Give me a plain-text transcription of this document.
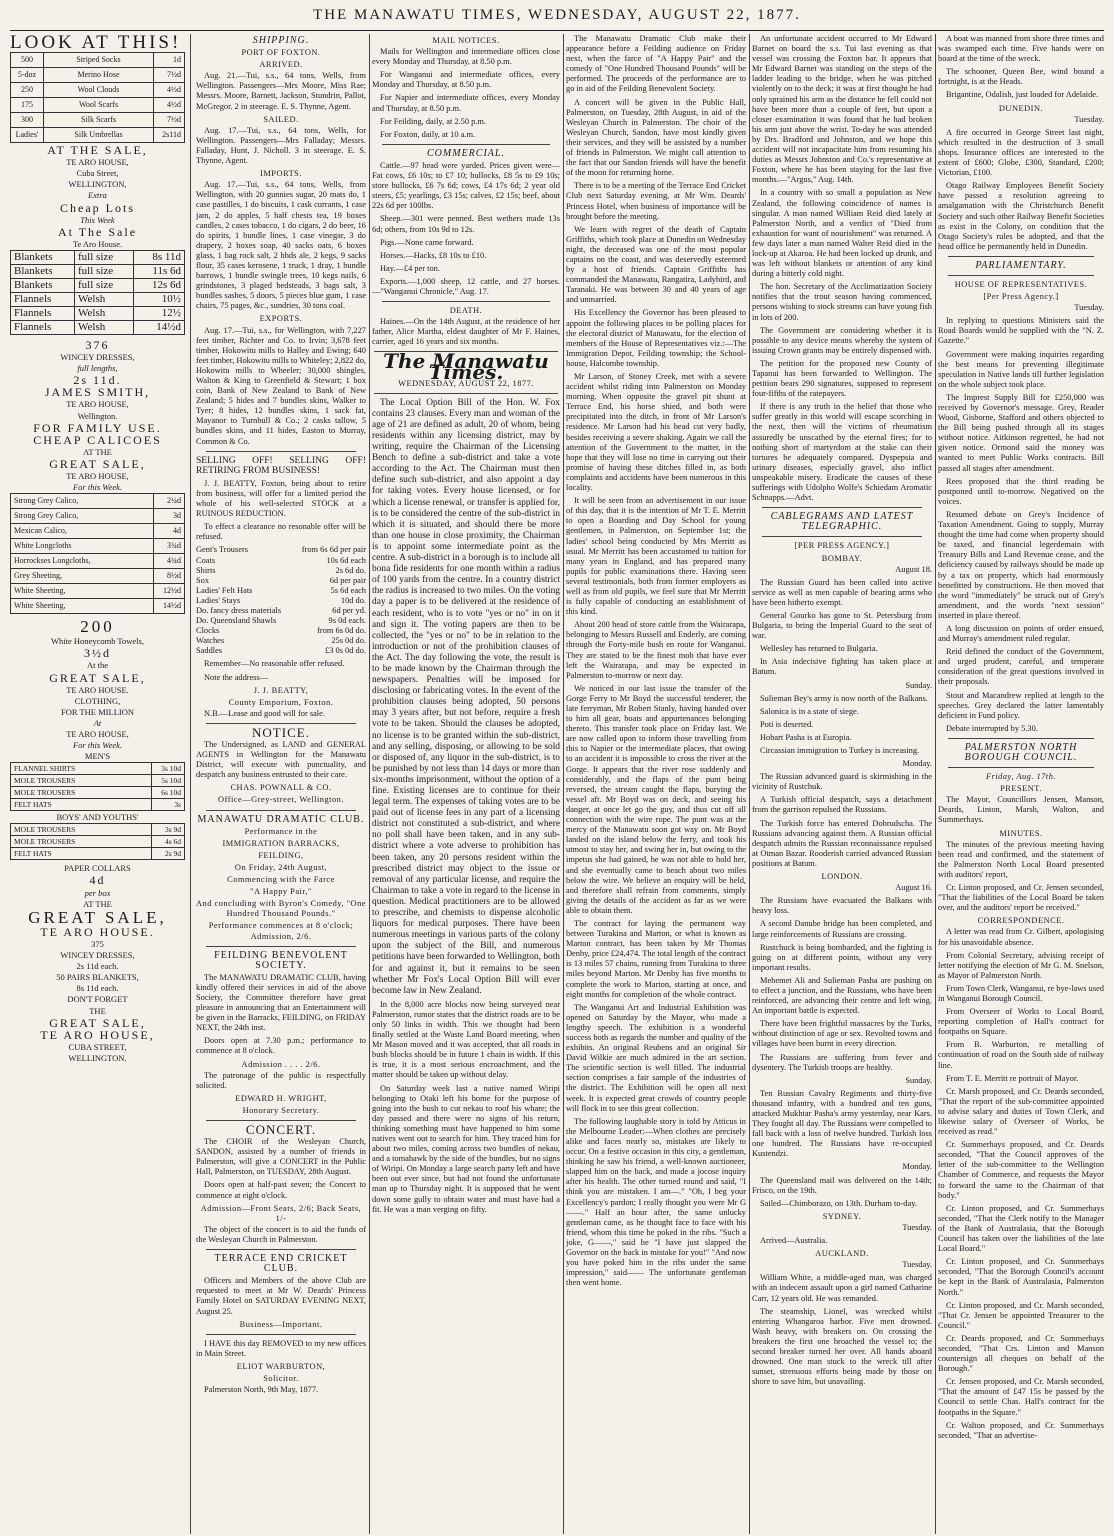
THE MANAWATU TIMES, WEDNESDAY, AUGUST 22, 1877.
LOOK AT THIS!
500	Striped Socks	1d
5-doz	Merino Hose	7½d
250	Wool Clouds	4½d
175	Wool Scarfs	4½d
300	Silk Scarfs	7½d
Ladies'	Silk Umbrellas	2s11d
AT THE SALE,
TE ARO HOUSE,
Cuba Street,
WELLINGTON,
Extra
Cheap Lots
This Week
At The Sale
Te Aro House.
Blankets	full size	8s 11d
Blankets	full size	11s 6d
Blankets	full size	12s 6d
Flannels	Welsh	10½
Flannels	Welsh	12½
Flannels	Welsh	14½d
376
WINCEY DRESSES,
full lengths,
2s 11d.
JAMES SMITH,
TE ARO HOUSE,
Wellington.
FOR FAMILY USE.
CHEAP CALICOES
AT THE
GREAT SALE,
TE ARO HOUSE,
For this Week.
Strong Grey Calico,	2¼d
Strong Grey Calico,	3d
Mexican Calico,	4d
White Longcloths	3¾d
Horrockses Longcloths,	4¾d
Grey Sheeting,	8½d
White Sheeting,	12½d
White Sheeting,	14½d
200
White Honeycomb Towels,
3½d
At the
GREAT SALE,
TE ARO HOUSE.
CLOTHING,
FOR THE MILLION
At
TE ARO HOUSE,
For this Week.
MEN'S
FLANNEL SHIRTS	3s 10d
MOLE TROUSERS	5s 10d
MOLE TROUSERS	6s 10d
FELT HATS	3s
BOYS' AND YOUTHS'
MOLE TROUSERS	3s 9d
MOLE TROUSERS	4s 6d
FELT HATS	2s 9d
PAPER COLLARS
4d
per box
AT THE
GREAT SALE,
TE ARO HOUSE.
375
WINCEY DRESSES,
2s 11d each.
50 PAIRS BLANKETS,
8s 11d each.
DON'T FORGET
THE
GREAT SALE,
TE ARO HOUSE,
CUBA STREET,
WELLINGTON.
SHIPPING.
PORT OF FOXTON.
ARRIVED.

Aug. 21.—Tui, s.s., 64 tons, Wells, from Wellington. Passengers—Mrs Moore, Miss Rae; Messrs. Moore, Barnett, Jackson, Stundrin, Pallot, McGregor. 2 in steerage. E. S. Thynne, Agent.

SAILED.

Aug. 17.—Tui, s.s., 64 tons, Wells, for Wellington. Passengers—Mrs Falladay; Messrs. Falladay, Hunt, J. Nicholl. 3 in steerage. E. S. Thynne, Agent.

IMPORTS.

Aug. 17.—Tui, s.s., 64 tons, Wells, from Wellington, with 20 gunnies sugar, 20 mats do, 1 case pastilles, 1 do biscuits, 1 cask currants, 1 case jam, 2 do apples, 5 half chests tea, 19 boxes candles, 2 cases tobacco, 1 do cigars, 2 do beer, 16 do spirits, 1 bundle lines, 1 case vinegar, 3 do drapery, 2 boxes soap, 40 sacks oats, 6 boxes glass, 1 bag rock salt, 2 hhds ale, 2 kegs, 9 sacks flour, 35 cases kerosene, 1 truck, 1 dray, 1 bundle barrows, 1 bundle swingle trees, 10 kegs nails, 6 grindstones, 3 plaged bedsteads, 3 bags salt, 3 bundles sashes, 5 doors, 5 pieces blue gum, 1 case chairs, 75 pages, &c., sundries, 30 tons coal.

EXPORTS.

Aug. 17.—Tui, s.s., for Wellington, with 7,227 feet timber, Richter and Co. to Irvin; 3,678 feet timber, Hokowitu mills to Halley and Ewing; 640 feet timber, Hokowitu mills to Whiteley; 2,822 do, Hokowitu mills to Wheeler; 30,000 shingles, Walton & King to Greenfield & Stewart; 1 box coin, Bank of New Zealand to Bank of New Zealand; 5 hides and 7 bundles skins, Walker to Tyer; 8 hides, 12 bundles skins, 1 sack fat, Mayanor to Turnbull & Co.; 2 casks tallow, 5 bundles skins, and 11 hides, Easton to Murray, Common & Co.

SELLING OFF! SELLING OFF! RETIRING FROM BUSINESS!

J. J. BEATTY, Foxton, being about to retire from business, will offer for a limited period the whole of his well-selected STOCK at a RUINOUS REDUCTION.

To effect a clearance no resonable offer will be refused.

Gent's Trousers	from 6s 6d per pair
Coats	10s 6d each
Shirts	2s 6d do.
Sox	6d per pair
Ladies' Felt Hats	5s 6d each
Ladies' Stays	10d do.
Do. fancy dress materials	6d per yd.
Do. Queensland Shawls	9s 0d each.
Clocks	from 6s 0d do.
Watches	25s 0d do.
Saddles	£3 0s 0d do.

Remember—No reasonable offer refused.

Note the address—

J. J. BEATTY,
County Emporium, Foxton.

N.B.—Lease and good will for sale.

NOTICE.

The Undersigned, as LAND and GENERAL AGENTS in Wellington for the Manawatu District, will execute with punctuality, and despatch any business entrusted to their care.

CHAS. POWNALL & CO.
Office—Grey-street, Wellington.
MANAWATU DRAMATIC CLUB.
Performance in the
IMMIGRATION BARRACKS,
FEILDING,
On Friday, 24th August,
Commencing with the Farce
"A Happy Pair,"
And concluding with Byron's Comedy, "One Hundred Thousand Pounds."
Performance commences at 8 o'clock; Admission, 2/6.
FEILDING BENEVOLENT SOCIETY.

The MANAWATU DRAMATIC CLUB, having kindly offered their services in aid of the above Society, the Committee therefore have great pleasure in announcing that an Entertainment will be given in the Barracks, FEILDING, on FRIDAY NEXT, the 24th inst.

Doors open at 7.30 p.m.; performance to commence at 8 o'clock.

Admission . . . . 2/6.

The patronage of the public is respectfully solicited.

EDWARD H. WRIGHT,
Honorary Secretary.
CONCERT.

The CHOIR of the Wesleyan Church, SANDON, assisted by a number of friends in Palmerston, will give a CONCERT in the Public Hall, Palmerston, on TUESDAY, 28th August.

Doors open at half-past seven; the Concert to commence at eight o'clock.

Admission—Front Seats, 2/6; Back Seats, 1/-

The object of the concert is to aid the funds of the Wesleyan Church in Palmerston.

TERRACE END CRICKET CLUB.

Officers and Members of the above Club are requested to meet at Mr W. Deards' Princess Family Hotel on SATURDAY EVENING NEXT, August 25.

Business—Important.

I HAVE this day REMOVED to my new offices in Main Street.

ELIOT WARBURTON,
Solicitor.

Palmerston North, 9th May, 1877.

MAIL NOTICES.

Mails for Wellington and intermediate offices close every Monday and Thursday, at 8.50 p.m.

For Wanganui and intermediate offices, every Monday and Thursday, at 8.50 p.m.

For Napier and intermediate offices, every Monday and Thursday, at 8.50 p.m.

For Feilding, daily, at 2.50 p.m.

For Foxton, daily, at 10 a.m.

COMMERCIAL.

Cattle.—97 head were yarded. Prices given were—Fat cows, £6 10s; to £7 10; bullocks, £8 5s to £9 10s; store bullocks, £6 7s 6d; cows, £4 17s 6d; 2 year old steers, £5; yearlings, £3 15s; calves, £2 15s; beef, about 22s 6d per 100lbs.

Sheep.—301 were penned. Best wethers made 13s 6d; others, from 10s 9d to 12s.

Pigs.—None came forward.

Horses.—Hacks, £8 10s to £10.

Hay.—£4 per ton.

Exports.—1,000 sheep, 12 cattle, and 27 horses.—"Wanganui Chronicle," Aug. 17.

DEATH.

Haines.—On the 14th August, at the residence of her father, Alice Martha, eldest daughter of Mr F. Haines, carrier, aged 16 years and six months.

The Manawatu Times.
WEDNESDAY, AUGUST 22, 1877.

The Local Option Bill of the Hon. W. Fox contains 23 clauses. Every man and woman of the age of 21 are defined as adult, 20 of whom, being residents within any licensing district, may by writing, require the Chairman of the Licensing Bench to define a sub-district and take a vote according to the Act. The Chairman must then define such sub-district, and also appoint a day for taking votes. Every house licensed, or for which a license renewal, or transfer is applied for, is to be considered the centre of the sub-district in which it is situated, and should there be more than one house in close proximity, the Chairman is to appoint some intermediate point as the centre. A sub-district in a borough is to include all bona fide residents for one month within a radius of 100 yards from the centre. In a country district the radius is increased to two miles. On the voting day a paper is to be delivered at the residence of each resident, who is to vote "yes or no" in on it and sign it. The voting papers are then to be collected, the "yes or no" to be in relation to the introduction or not of the prohibition clauses of the Act. The day following the vote, the result is to be made known by the Chairman through the newspapers. Penalties will be imposed for disclosing or fabricating votes. In the event of the prohibition clauses being adopted, 50 persons may 3 years after, but not before, require a fresh vote to be taken. Should the clauses be adopted, no license is to be granted within the sub-district, and any selling, disposing, or allowing to be sold or disposed of, any liquor in the sub-district, is to be punished by not less than 14 days or more than six-months imprisonment, without the option of a fine. Existing licenses are to continue for their legal term. The expenses of taking votes are to be paid out of license fees in any part of a licensing district not constituted a sub-district, and where no poll shall have been taken, and in any sub-district where a vote adverse to prohibition has been taken, any 20 persons resident within the prescribed district may object to the issue or removal of any particular license, and require the Chairman to take a vote in regard to the license in question. Medical practitioners are to be allowed to prescribe, and chemists to dispense alcoholic liquors for medical purposes. There have been numerous meetings in various parts of the colony upon the subject of the Bill, and numerous petitions have been forwarded to Wellington, both for and against it, but it remains to be seen whether Mr Fox's Local Option Bill will ever become law in New Zealand.

In the 8,000 acre blocks now being surveyed near Palmerston, rumor states that the district roads are to be only 50 links in width. This we thought had been finally settled at the Waste Land Board meeting, when Mr Mason moved and it was accepted, that all roads in bush blocks should be in future 1 chain in width. If this is true, it is a most serious encroachment, and the matter should be taken up without delay.

On Saturday week last a native named Wiripi belonging to Otaki left his home for the purpose of going into the bush to cut nekau to roof his whare; the day passed and there were no signs of his return, thinking something must have happened to him some natives went out to search for him. They traced him for about two miles, coming across two bundles of nekau, and a tomahawk by the side of the bundles, but no signs of Wiripi. On Monday a large search party left and have been out ever since, but had not found the unfortunate man up to Thursday night. It is supposed that he went down some gully to obtain water and must have had a fit. He was a man verging on fifty.

The Manawatu Dramatic Club make their appearance before a Feilding audience on Friday next, when the farce of "A Happy Pair" and the comedy of "One Hundred Thousand Pounds" will be performed. The proceeds of the performance are to go in aid of the Feilding Benevolent Society.

A concert will be given in the Public Hall, Palmerston, on Tuesday, 28th August, in aid of the Wesleyan Church in Palmerston. The choir of the Wesleyan Church, Sandon, have most kindly given their services, and they will be assisted by a number of friends in Palmerston. We might call attention to the fact that our Sandon friends will have the benefit of the moon for returning home.

There is to be a meeting of the Terrace End Cricket Club next Saturday evening, at Mr Wm. Deards' Princess Hotel, when business of importance will be brought before the meeting.

We learn with regret of the death of Captain Griffiths, which took place at Dunedin on Wednesday night, the deceased was one of the most popular captains on the coast, and was deservedly esteemed by a host of friends. Captain Griffiths has commanded the Manawatu, Rangatira, Ladybird, and Taranaki. He was between 30 and 40 years of age and unmarried.

His Excellency the Governor has been pleased to appoint the following places to be polling places for the electoral district of Manawatu, for the election of members of the House of Representatives viz.:—The Immigration Depot, Feilding township; the School-house, Halcombe township.

Mr Larson, of Stoney Creek, met with a severe accident whilst riding into Palmerston on Monday morning. When opposite the gravel pit shunt at Terrace End, his horse shied, and both were precipitated into the ditch, in front of Mr Larson's residence. Mr Larson had his head cut very badly, besides receiving a severe shaking. Again we call the attention of the Government to the matter, in the hope that they will lose no time in carrying out their promise of having these ditches filled in, as both complaints and accidents have been numerous in this locality.

It will be seen from an advertisement in our issue of this day, that it is the intention of Mr T. E. Merritt to open a Boarding and Day School for young gentlemen, in Palmerston, on September 1st; the ladies' school being conducted by Mrs Merritt as usual. Mr Merritt has been accustomed to tuition for many years in England, and has prepared many pupils for public examinations there. Having seen several testimonials, both from former employers as well as from old pupils, we feel sure that Mr Merritt is fully capable of conducting an establishment of this kind.

About 200 head of store cattle from the Wairarapa, belonging to Messrs Russell and Enderly, are coming through the Forty-mile bush en route for Wanganui. They are stated to be the finest mob that have ever left the Wairarapa, and may be expected in Palmerston to-morrow or next day.

We noticed in our last issue the transfer of the Gorge Ferry to Mr Boyd the successful tenderer, the late ferryman, Mr Robert Stanly, having handed over to him all gear, boats and appurtenances belonging thereto. This transfer took place on Friday last. We are now called upon to inform those travelling from this to Napier or the intermediate places, that owing to an accident it is impossible to cross the river at the Gorge. It appears that the river rose suddenly and considerably, and the flaps of the punt being reversed, the stream caught the flaps, burying the vessel aft. Mr Boyd was on deck, and seeing his danger, at once let go the guy, and thus cut off all connection with the wire rope. The punt was at the mercy of the Manawatu soon got way on. Mr Boyd landed on the island below the ferry, and took his utmost to stay her, and swing her in, but owing to the impetus she had gained, he was not able to hold her, and she eventually came to beach about two miles below the wire. We believe an enquiry will be held, and therefore shall refrain from comments, simply giving the details of the accident as far as we were able to obtain them.

The contract for laying the permanent way between Turakina and Marton, or what is known as Marton contract, has been taken by Mr Thomas Denby, price £24,474. The total length of the contract is 13 miles 57 chains, running from Turakina to three miles beyond Marton. Mr Denby has five months to complete the work to Marton, starting at once, and eight months for completion of the whole contract.

The Wanganui Art and Industrial Exhibition was opened on Saturday by the Mayor, who made a lengthy speech. The exhibition is a wonderful success both as regards the number and quality of the exhibits. An original Reubens and an original Sir David Wilkie are much admired in the art section. The scientific section is well filled. The industrial section comprises a fair sample of the industries of the district. The Exhibition will be open all next week. It is expected great crowds of country people will flock in to see this great collection.

The following laughable story is told by Atticus in the Melbourne Leader:—When clothes are precisely alike and faces nearly so, mistakes are likely to occur. On a festive occasion in this city, a gentleman, thinking he saw his friend, a well-known auctioneer, slapped him on the back, and made a jocose inquiry after his health. The other turned round and said, "I think you are mistaken. I am—." "Oh, I beg your Excellency's pardon; I really thought you were Mr G——." Half an hour after, the same unlucky gentleman came, as he thought face to face with his friend, whom this time he poked in the ribs. "Such a joke, G——," said he "I have just slapped the Governor on the back in mistake for you!" "And now you have poked him in the ribs under the same impression," said—— The unfortunate gentleman then went home.

An unfortunate accident occurred to Mr Edward Barnet on board the s.s. Tui last evening as that vessel was crossing the Foxton bar. It appears that Mr Edward Barnet was standing on the steps of the ladder leading to the bridge, when he was pitched violently on to the deck; it was at first thought he had only sprained his arm as the distance he fell could not have been more than a couple of feet, but upon a closer examination it was found that he had broken his arm just above the wrist. To-day he was attended by Drs. Bradford and Johnston, and we hope this accident will not incapacitate him from resuming his duties as Messrs Johnston and Co.'s representative at Foxton, where he has been staying for the last five months.—"Argus," Aug. 14th.

In a country with so small a population as New Zealand, the following coincidence of names is singular. A man named William Reid died lately at Palmerston North, and a verdict of "Died from exhaustion for want of nourishment" was returned. A few days later a man named Walter Reid died in the lock-up at Akaroa. He had been locked up drunk, and was left without blankets or attention of any kind during a bitterly cold night.

The hon. Secretary of the Acclimatization Society notifies that the trout season having commenced, persons wishing to stock streams can have young fish in lots of 200.

The Government are considering whether it is possible to any device means whereby the system of issuing Crown grants may be entirely dispensed with.

The petition for the proposed new County of Tapanui has been forwarded to Wellington. The petition bears 290 signatures, supposed to represent four-fifths of the ratepayers.

If there is any truth in the belief that those who suffer greatly in this world will escape scorching in the next, then will the victims of rheumatism assuredly be unscathed by the eternal fires; for to nothing short of martyrdom at the stake can their tortures be adequately compared. Dyspepsia and urinary diseases, especially gravel, also inflict unspeakable misery. Eradicate the causes of these sufferings with Udolpho Wolfe's Schiedam Aromatic Schnapps.—Advt.

CABLEGRAMS AND LATEST TELEGRAPHIC.
[PER PRESS AGENCY.]
BOMBAY.

August 18.

The Russian Guard has been called into active service as well as men capable of bearing arms who have been hitherto exempt.

General Gourko has gone to St. Petersburg from Bulgaria, to bring the Imperial Guard to the seat of war.

Wellesley has returned to Bulgaria.

In Asia indecisive fighting has taken place at Batum.

Sunday.

Sulieman Bey's army is now north of the Balkans.

Salonica is in a state of siege.

Poti is deserted.

Hobart Pasha is at Europia.

Circassian immigration to Turkey is increasing.

Monday.

The Russian advanced guard is skirmishing in the vicinity of Rustchuk.

A Turkish official despatch, says a detachment from the garrison repulsed the Russians.

The Turkish force has entered Dobrudscha. The Russians advancing against them. A Russian official despatch admits the Russian reconnaissance repulsed at Otman Bazar. Rooderish carried advanced Russian positions at Batum.

LONDON.

August 16.

The Russians have evacuated the Balkans with heavy loss.

A second Danube bridge has been completed, and large reinforcements of Russians are crossing.

Rustchuck is being bombarded, and the fighting is going on at different points, without any very important results.

Mehemet Ali and Sulieman Pasha are pushing on to effect a junction, and the Russians, who have been reinforced, are advancing their centre and left wing. An important battle is expected.

There have been frightful massacres by the Turks, without distinction of age or sex. Revolted towns and villages have been burnt in every direction.

The Russians are suffering from fever and dysentery. The Turkish troops are healthy.

Sunday.

Ten Russian Cavalry Regiments and thirty-five thousand infantry, with a hundred and ten guns, attacked Mukhtar Pasha's army yesterday, near Kars. They fought all day. The Russians were compelled to fall back with a loss of twelve hundred. Turkish loss one hundred. The Russians have re-occupied Kustendzi.

Monday.

The Queensland mail was delivered on the 14th; Frisco, on the 19th.

Sailed—Chimborazo, on 13th. Durham to-day.

SYDNEY.

Tuesday.

Arrived—Australia.

AUCKLAND.

Tuesday.

William White, a middle-aged man, was charged with an indecent assault upon a girl named Catharine Carr, 12 years old. He was remanded.

The steamship, Lionel, was wrecked whilst entering Whangaroa harbor. Five men drowned. Wash heavy, with breakers on. On crossing the breakers the first one broached the vessel to; the second breaker turned her over. All hands aboard drowned. One man stuck to the wreck till after sunset, strenuous efforts being made by those on shore to save him, but unavailing.

A boat was manned from shore three times and was swamped each time. Five hands were on board at the time of the wreck.

The schooner, Queen Bee, wind bound a fortnight, is at the Heads.

Brigantine, Odalish, just loaded for Adelaide.

DUNEDIN.

Tuesday.

A fire occurred in George Street last night, which resulted in the destruction of 3 small shops. Insurance offices are interested to the extent of £600; Globe, £300, Standard, £200; Victorian, £100.

Otago Railway Employees Benefit Society have passed a resolution agreeing to amalgamation with the Christchurch Benefit Society and such other Railway Benefit Societies as exist in the Colony, on condition that the Otago Society's rules be adopted, and that the head office be permanently held in Dunedin.

PARLIAMENTARY.
HOUSE OF REPRESENTATIVES.
[Per Press Agency.]

Tuesday.

In replying to questions Ministers said the Road Boards would be supplied with the "N. Z. Gazette."

Government were making inquiries regarding the best means for preventing illegitimate speculation in Native lands till further legislation on the whole subject took place.

The Imprest Supply Bill for £250,000 was received by Governor's message. Grey, Reader Wood, Gisborne, Stafford and others objected to the Bill being pushed through all its stages without notice. Aitkinson regretted, he had not given notice. Ormond said the money was wanted to meet Public Works contracts. Bill passed all stages after amendment.

Rees proposed that the third reading be postponed until to-morrow. Negatived on the voices.

Resumed debate on Grey's Incidence of Taxation Amendment. Going to supply, Murray thought the time had come when property should be taxed, and financial legerdemain with Treasury Bills and Land Revenue cease, and the deficiency caused by railways should be made up by a tax on property, which had enormously benefitted by constructions. He then moved that the word "immediately" be struck out of Grey's amendment, and the words "next session" inserted in place thereof.

A long discussion on points of order ensued, and Murray's amendment ruled regular.

Reid defined the conduct of the Government, and urged prudent, careful, and temperate consideration of the great questions involved in their proposals.

Stout and Macandrew replied at length to the speeches. Grey declared the latter lamentably deficient in Fund policy.

Debate interrupted by 5.30.

PALMERSTON NORTH BOROUGH COUNCIL.
Friday, Aug. 17th.
PRESENT.

The Mayor, Councillors Jensen, Manson, Deards, Linton, Marsh, Walton, and Summerhays.

MINUTES.

The minutes of the previous meeting having been read and confirmed, and the statement of the Palmerston North Local Board presented with auditors' report,

Cr. Linton proposed, and Cr. Jensen seconded, "That the liabilities of the Local Board be taken over, and the auditors' report be received."

CORRESPONDENCE.

A letter was read from Cr. Gilbert, apologising for his unavoidable absence.

From Colonial Secretary, advising receipt of letter notifying the election of Mr G. M. Snelson, as Mayor of Palmerston North.

From Town Clerk, Wanganui, re bye-laws used in Wanganui Borough Council.

From Overseer of Works to Local Board, reporting completion of Hall's contract for footpaths on Square.

From B. Warburton, re metalling of continuation of road on the South side of railway line.

From T. E. Merritt re portrait of Mayor.

Cr. Marsh proposed, and Cr. Deards seconded, "That the report of the sub-committee appointed to advise salary and duties of Town Clerk, and likewise salary of Overseer of Works, be received as read."

Cr. Summerhays proposed, and Cr. Deards seconded, "That the Council approves of the letter of the sub-committee to the Wellington Chamber of Commerce, and requests the Mayor to forward the same to the Chairman of that body."

Cr. Linton proposed, and Cr. Summerhays seconded, "That the Clerk notify to the Manager of the Bank of Australasia, that the Borough Council has taken over the liabilities of the late Local Board."

Cr. Linton proposed, and Cr. Summerhays seconded, "That the Borough Council's account be kept in the Bank of Australasia, Palmerston North."

Cr. Linton proposed, and Cr. Marsh seconded, "That Cr. Jensen be appointed Treasurer to the Council."

Cr. Deards proposed, and Cr. Summerhays seconded, "That Crs. Linton and Manson countersign all cheques on behalf of the Borough."

Cr. Jensen proposed, and Cr. Marsh seconded, "That the amount of £47 15s be passed by the Council to settle Chas. Hall's contract for the footpaths in the Square."

Cr. Walton proposed, and Cr. Summerhays seconded, "That an advertise-
